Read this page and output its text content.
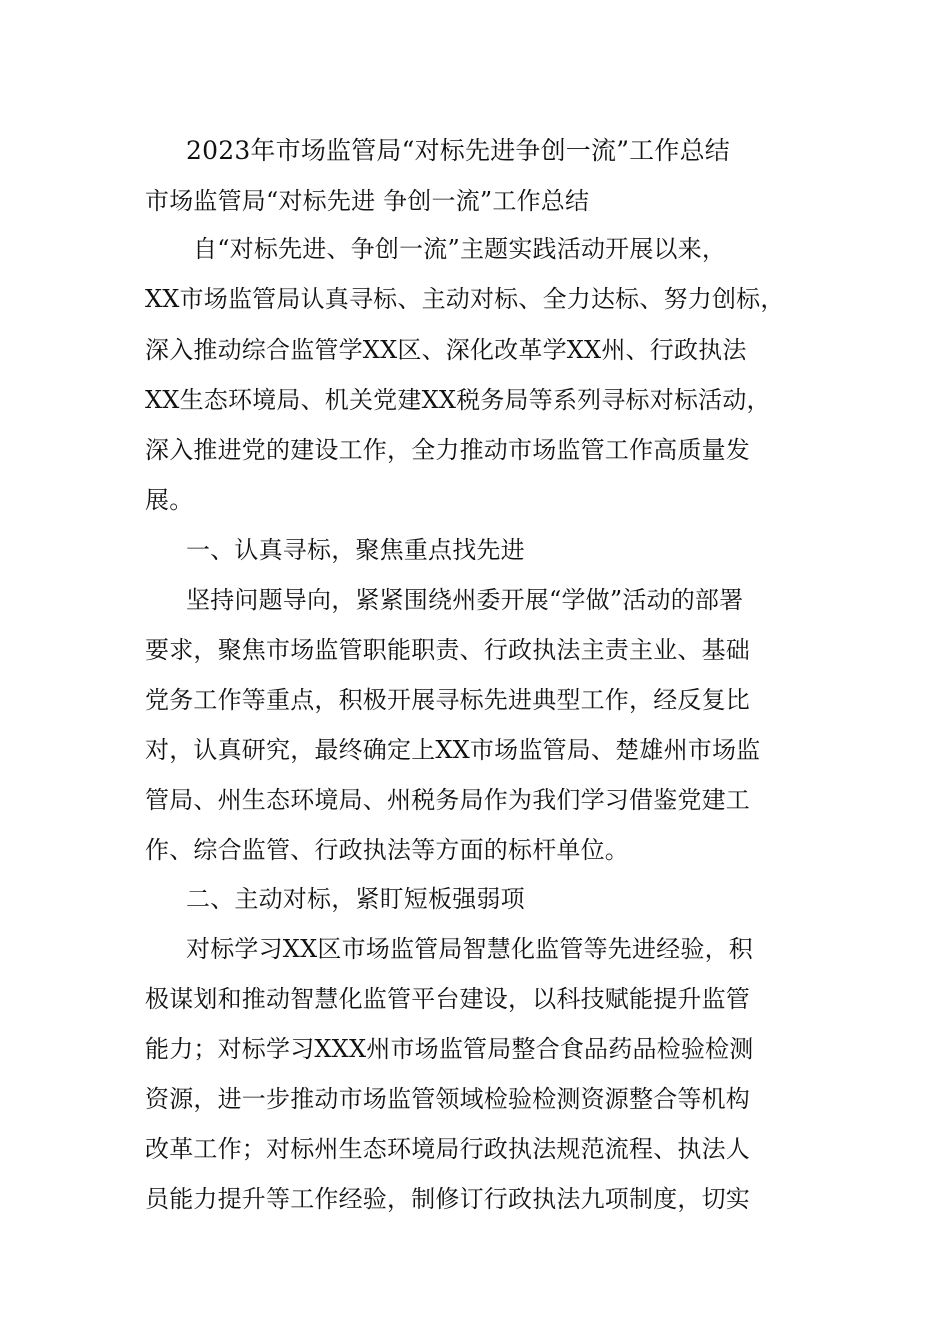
2023年市场监管局“对标先进争创一流”工作总结
市场监管局“对标先进 争创一流”工作总结
自“对标先进、争创一流”主题实践活动开展以来，
XX市场监管局认真寻标、主动对标、全力达标、努力创标，
深入推动综合监管学XX区、深化改革学XX州、行政执法
XX生态环境局、机关党建XX税务局等系列寻标对标活动，
深入推进党的建设工作，全力推动市场监管工作高质量发
展。
一、认真寻标，聚焦重点找先进
坚持问题导向，紧紧围绕州委开展“学做”活动的部署
要求，聚焦市场监管职能职责、行政执法主责主业、基础
党务工作等重点，积极开展寻标先进典型工作，经反复比
对，认真研究，最终确定上XX市场监管局、楚雄州市场监
管局、州生态环境局、州税务局作为我们学习借鉴党建工
作、综合监管、行政执法等方面的标杆单位。
二、主动对标，紧盯短板强弱项
对标学习XX区市场监管局智慧化监管等先进经验，积
极谋划和推动智慧化监管平台建设，以科技赋能提升监管
能力；对标学习XXX州市场监管局整合食品药品检验检测
资源，进一步推动市场监管领域检验检测资源整合等机构
改革工作；对标州生态环境局行政执法规范流程、执法人
员能力提升等工作经验，制修订行政执法九项制度，切实
